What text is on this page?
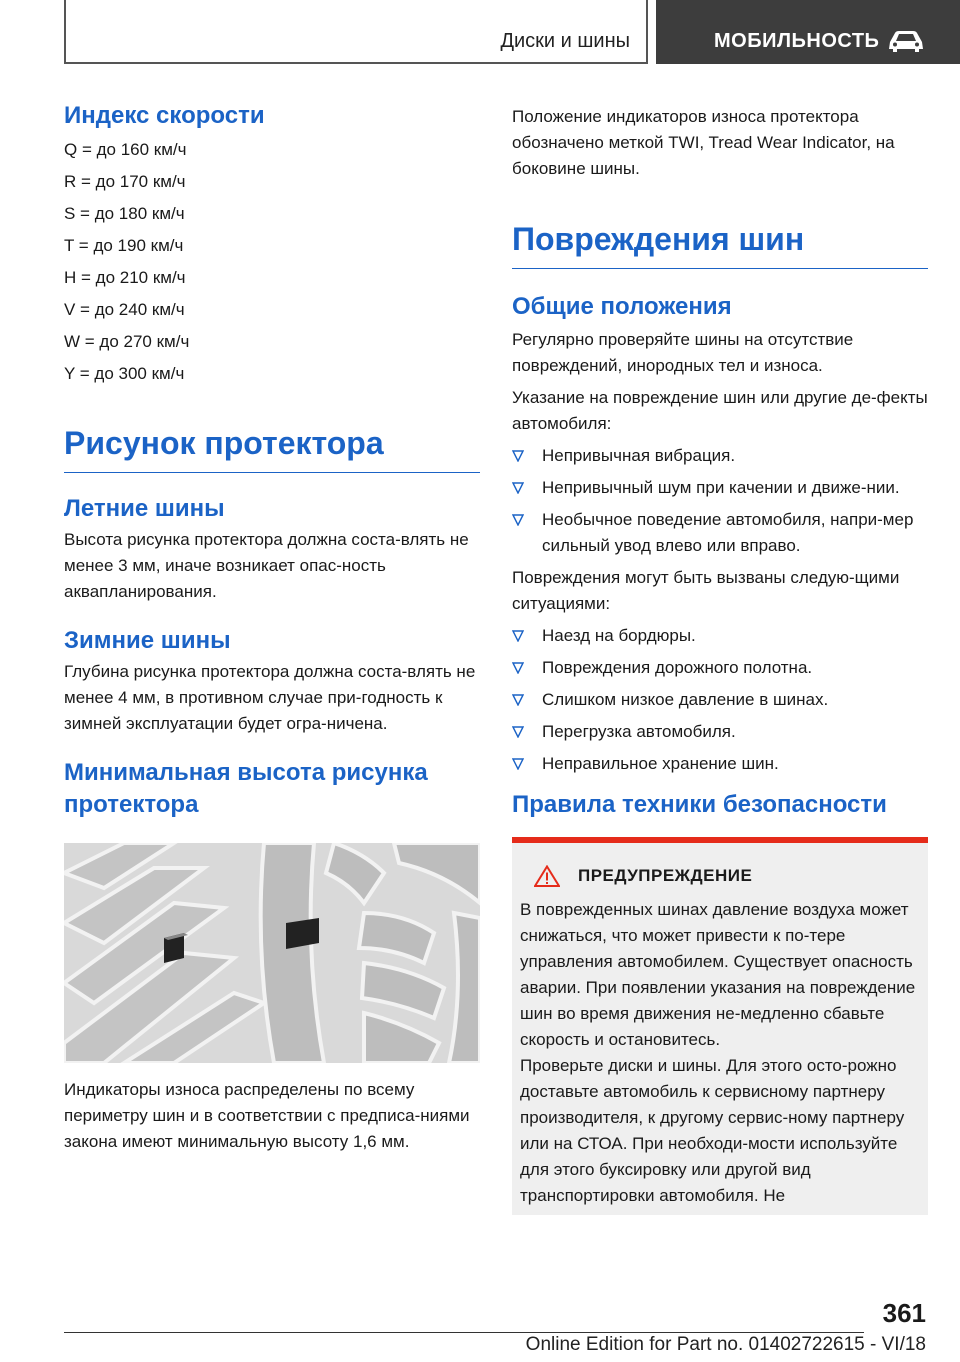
Диски и шины	МОБИЛЬНОСТЬ
Индекс скорости

Q = до 160 км/ч

R = до 170 км/ч

S = до 180 км/ч

T = до 190 км/ч

H = до 210 км/ч

V = до 240 км/ч

W = до 270 км/ч

Y = до 300 км/ч

Рисунок протектора
Летние шины

Высота рисунка протектора должна соста-влять не менее 3 мм, иначе возникает опас-ность аквапланирования.

Зимние шины

Глубина рисунка протектора должна соста-влять не менее 4 мм, в противном случае при-годность к зимней эксплуатации будет огра-ничена.

Минимальная высота рисунка протектора

Индикаторы износа распределены по всему периметру шин и в соответствии с предписа-ниями закона имеют минимальную высоту 1,6 мм.

Положение индикаторов износа протектора обозначено меткой TWI, Tread Wear Indicator, на боковине шины.

Повреждения шин
Общие положения

Регулярно проверяйте шины на отсутствие повреждений, инородных тел и износа.

Указание на повреждение шин или другие де-фекты автомобиля:

Непривычная вибрация.
Непривычный шум при качении и движе-нии.
Необычное поведение автомобиля, напри-мер сильный увод влево или вправо.

Повреждения могут быть вызваны следую-щими ситуациями:

Наезд на бордюры.
Повреждения дорожного полотна.
Слишком низкое давление в шинах.
Перегрузка автомобиля.
Неправильное хранение шин.
Правила техники безопасности
ПРЕДУПРЕЖДЕНИЕ

В поврежденных шинах давление воздуха может снижаться, что может привести к по-тере управления автомобилем. Существует опасность аварии. При появлении указания на повреждение шин во время движения не-медленно сбавьте скорость и остановитесь.

Проверьте диски и шины. Для этого осто-рожно доставьте автомобиль к сервисному партнеру производителя, к другому сервис-ному партнеру или на СТОА. При необходи-мости используйте для этого буксировку или другой вид транспортировки автомобиля. Не

361
Online Edition for Part no. 01402722615 - VI/18
